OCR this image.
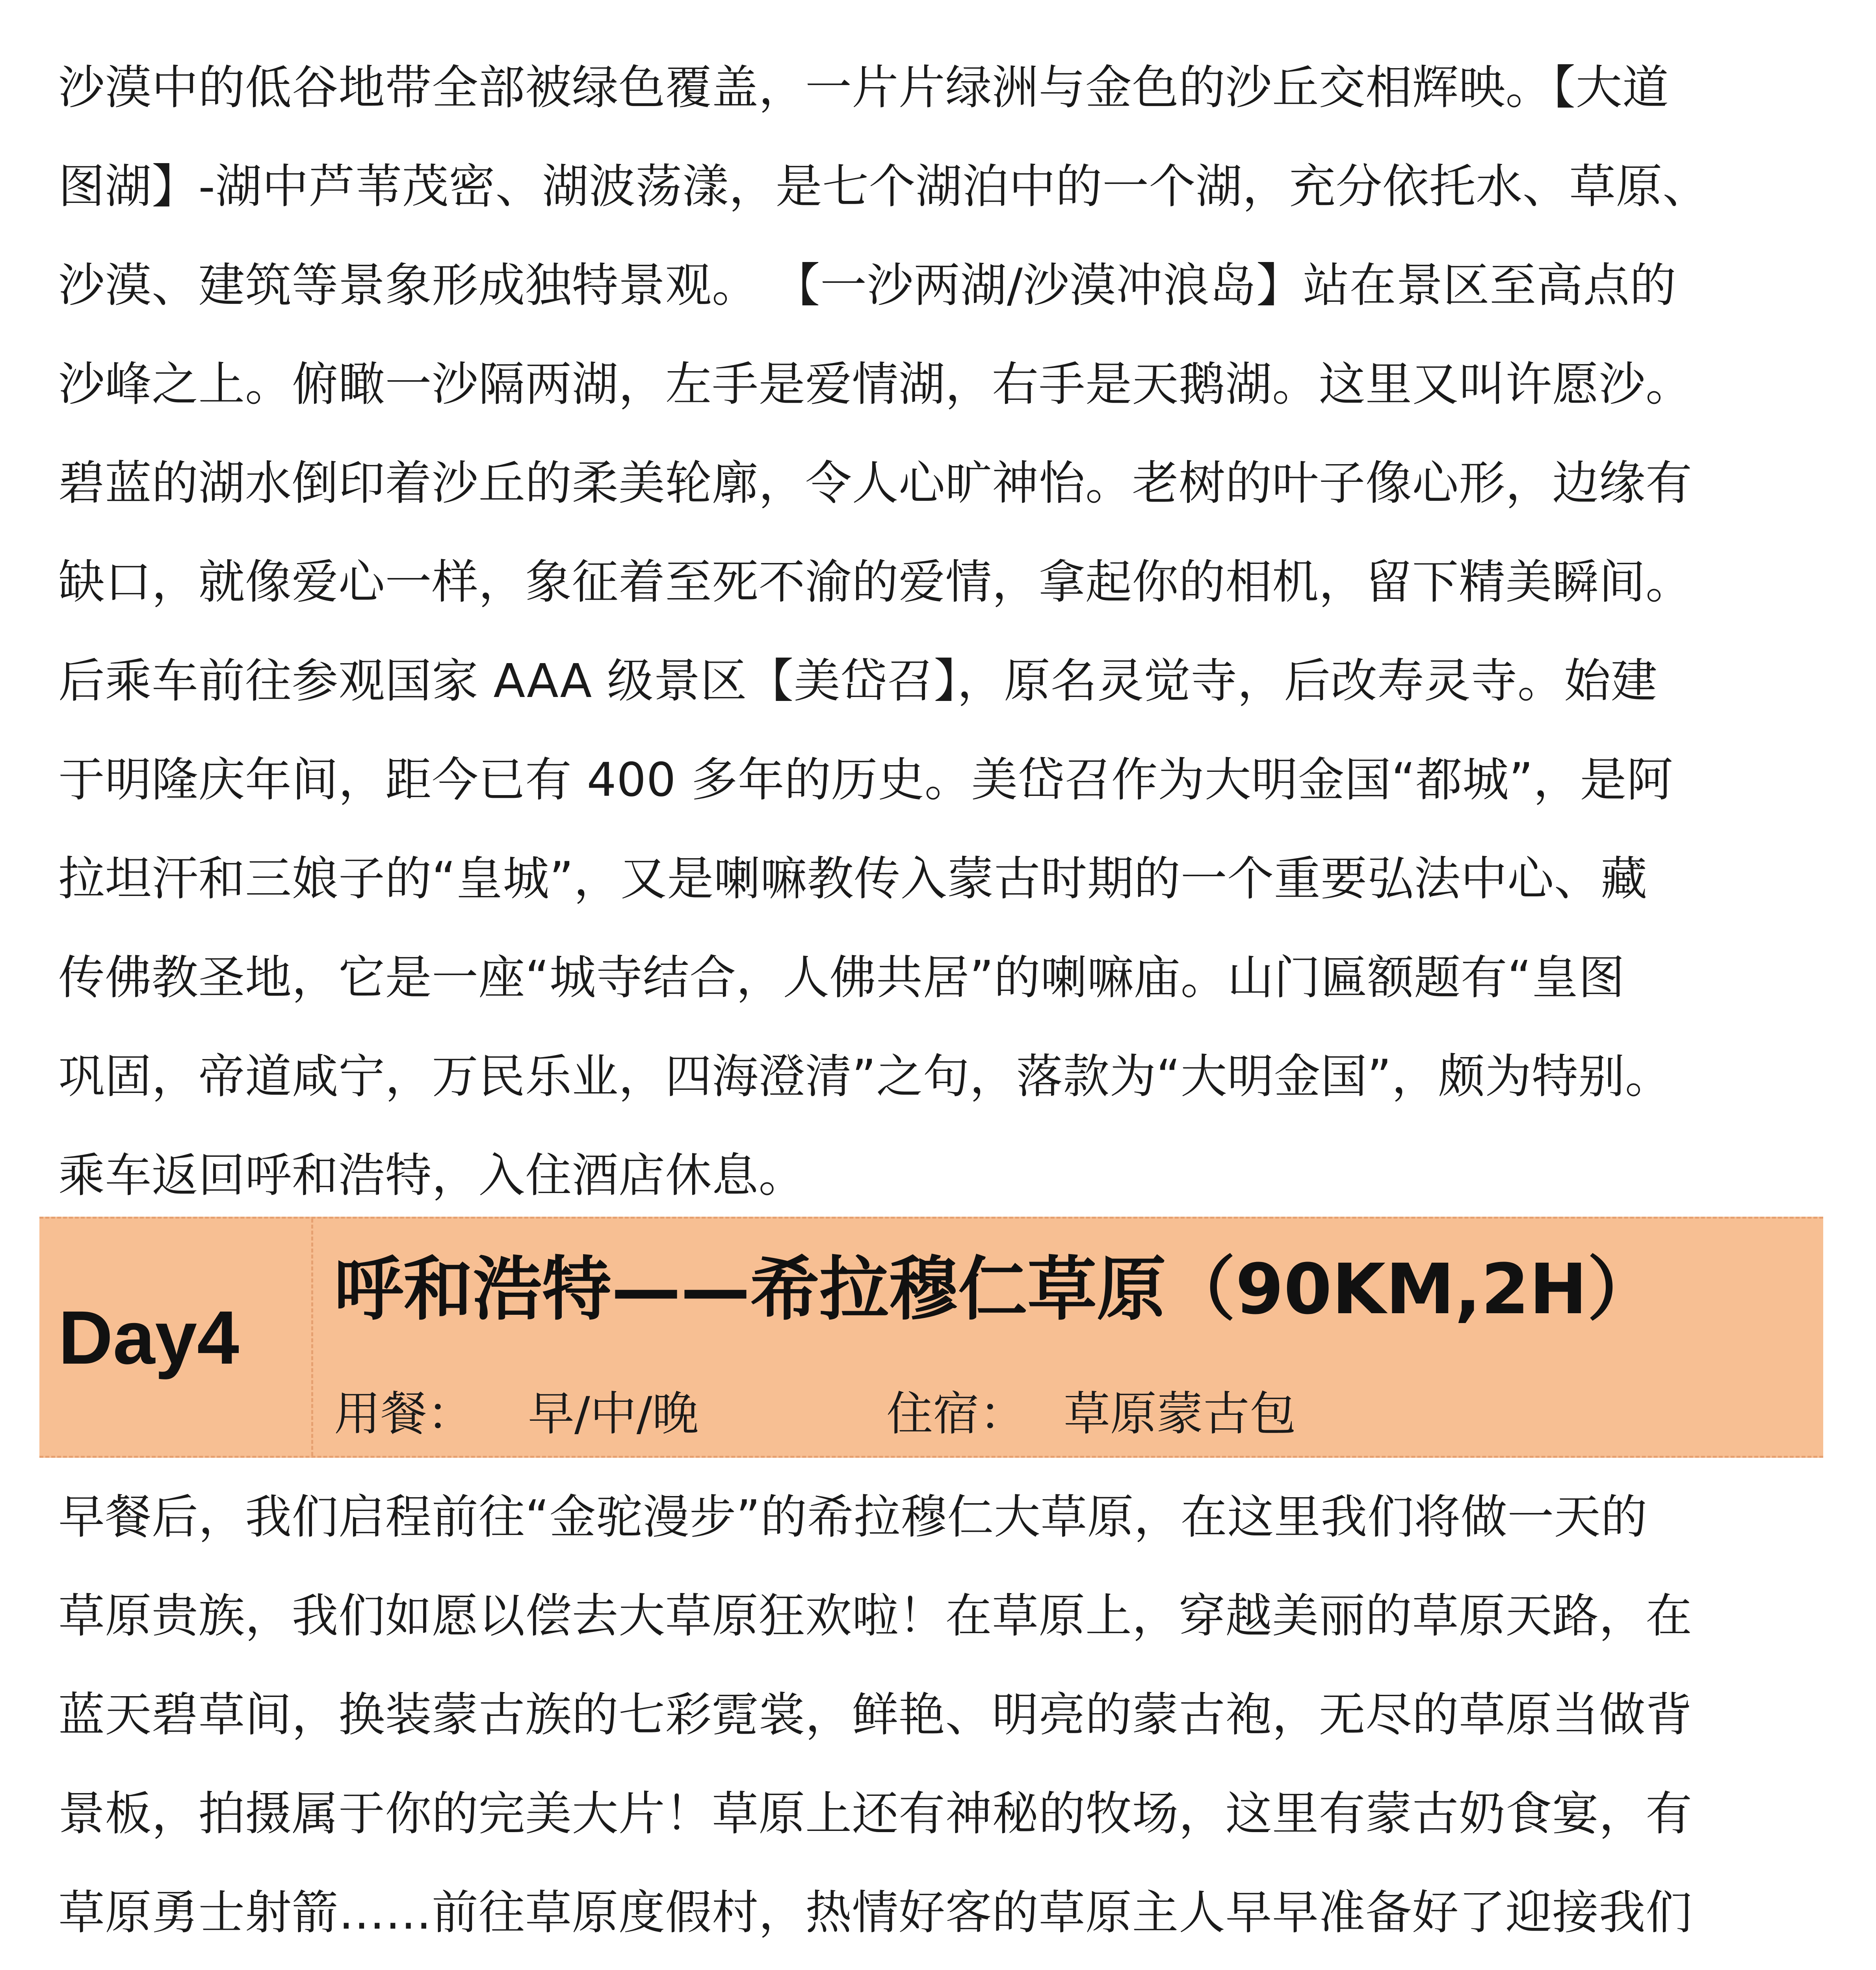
沙漠中的低谷地带全部被绿色覆盖，一片片绿洲与金色的沙丘交相辉映。【大道
图湖】-湖中芦苇茂密、湖波荡漾，是七个湖泊中的一个湖，充分依托水、草原、
沙漠、建筑等景象形成独特景观。 【一沙两湖/沙漠冲浪岛】站在景区至高点的
沙峰之上。俯瞰一沙隔两湖，左手是爱情湖，右手是天鹅湖。这里又叫许愿沙。
碧蓝的湖水倒印着沙丘的柔美轮廓，令人心旷神怡。老树的叶子像心形，边缘有
缺口，就像爱心一样，象征着至死不渝的爱情，拿起你的相机，留下精美瞬间。
后乘车前往参观国家 AAA 级景区【美岱召】，原名灵觉寺，后改寿灵寺。始建
于明隆庆年间，距今已有 400 多年的历史。美岱召作为大明金国“都城”，是阿
拉坦汗和三娘子的“皇城”，又是喇嘛教传入蒙古时期的一个重要弘法中心、藏
传佛教圣地，它是一座“城寺结合，人佛共居”的喇嘛庙。山门匾额题有“皇图
巩固，帝道咸宁，万民乐业，四海澄清”之句，落款为“大明金国”，颇为特别。
乘车返回呼和浩特，入住酒店休息。
Day4
呼和浩特——希拉穆仁草原（90KM,2H）
用餐： 早/中/晚	住宿： 草原蒙古包
早餐后，我们启程前往“金驼漫步”的希拉穆仁大草原，在这里我们将做一天的
草原贵族，我们如愿以偿去大草原狂欢啦！在草原上，穿越美丽的草原天路，在
蓝天碧草间，换装蒙古族的七彩霓裳，鲜艳、明亮的蒙古袍，无尽的草原当做背
景板，拍摄属于你的完美大片！草原上还有神秘的牧场，这里有蒙古奶食宴，有
草原勇士射箭……前往草原度假村，热情好客的草原主人早早准备好了迎接我们
